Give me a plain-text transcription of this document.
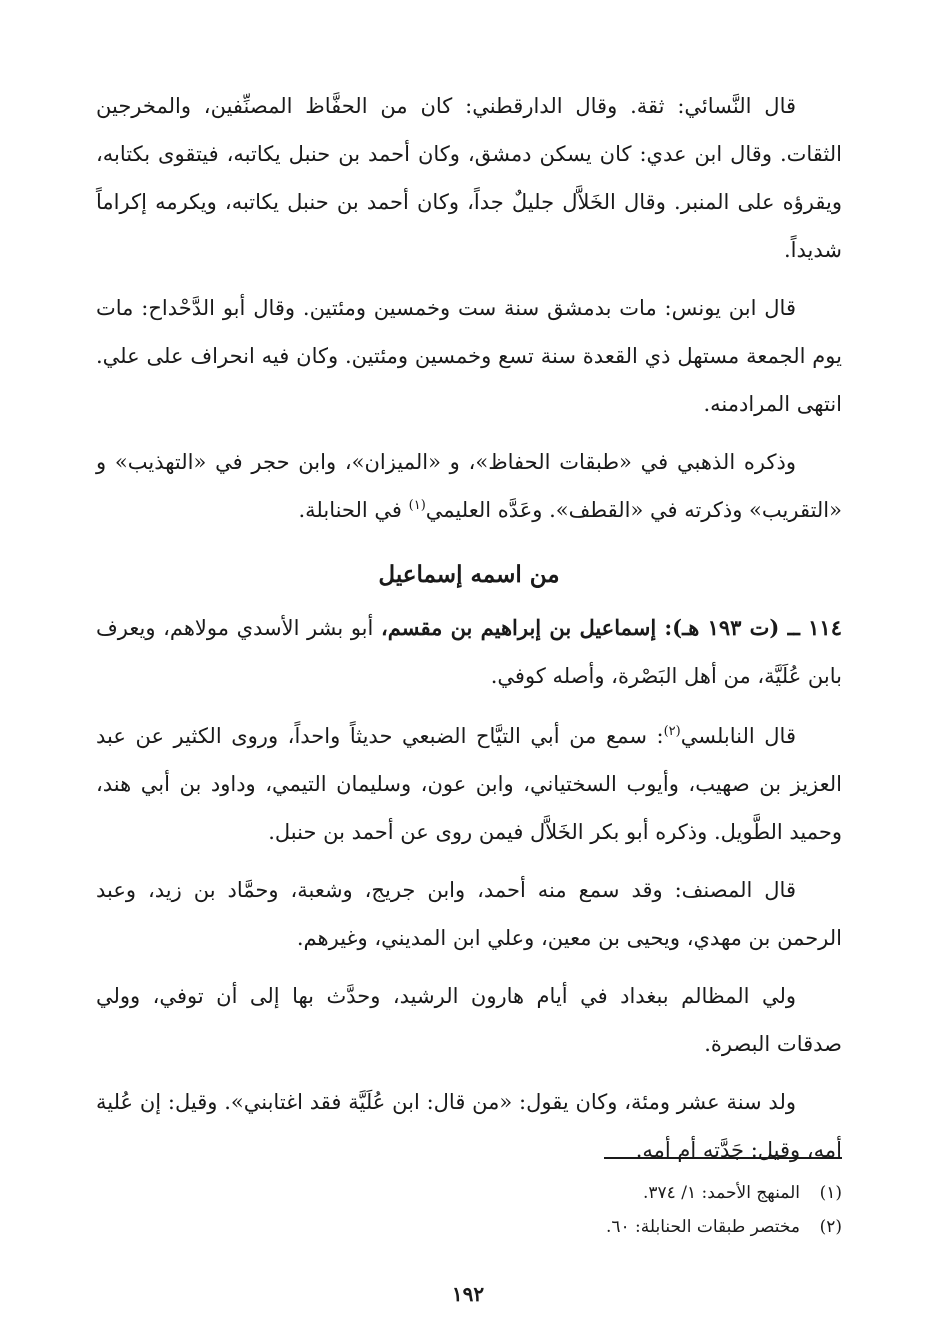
قال النَّسائي: ثقة. وقال الدارقطني: كان من الحفَّاظ المصنِّفين، والمخرجين الثقات. وقال ابن عدي: كان يسكن دمشق، وكان أحمد بن حنبل يكاتبه، فيتقوى بكتابه، ويقرؤه على المنبر. وقال الخَلاَّل جليلٌ جداً، وكان أحمد بن حنبل يكاتبه، ويكرمه إكراماً شديداً.

قال ابن يونس: مات بدمشق سنة ست وخمسين ومئتين. وقال أبو الدَّحْداح: مات يوم الجمعة مستهل ذي القعدة سنة تسع وخمسين ومئتين. وكان فيه انحراف على علي. انتهى المرادمنه.

وذكره الذهبي في «طبقات الحفاظ»، و «الميزان»، وابن حجر في «التهذيب» و «التقريب» وذكرته في «القطف». وعَدَّه العليمي$^{(١)}$ في الحنابلة.

من اسمه إسماعيل

١١٤ ــ (ت ١٩٣ هـ): إسماعيل بن إبراهيم بن مقسم، أبو بشر الأسدي مولاهم، ويعرف بابن عُلَيَّة، من أهل البَصْرة، وأصله كوفي.

قال النابلسي$^{(٢)}$: سمع من أبي التيَّاح الضبعي حديثاً واحداً، وروى الكثير عن عبد العزيز بن صهيب، وأيوب السختياني، وابن عون، وسليمان التيمي، وداود بن أبي هند، وحميد الطَّويل. وذكره أبو بكر الخَلاَّل فيمن روى عن أحمد بن حنبل.

قال المصنف: وقد سمع منه أحمد، وابن جريج، وشعبة، وحمَّاد بن زيد، وعبد الرحمن بن مهدي، ويحيى بن معين، وعلي ابن المديني، وغيرهم.

ولي المظالم ببغداد في أيام هارون الرشيد، وحدَّث بها إلى أن توفي، وولي صدقات البصرة.

ولد سنة عشر ومئة، وكان يقول: «من قال: ابن عُلَيَّة فقد اغتابني». وقيل: إن عُلية أمه، وقيل: جَدَّته أم أمه.

(١)المنهج الأحمد: ١/ ٣٧٤.

(٢)مختصر طبقات الحنابلة: ٦٠.

١٩٢
